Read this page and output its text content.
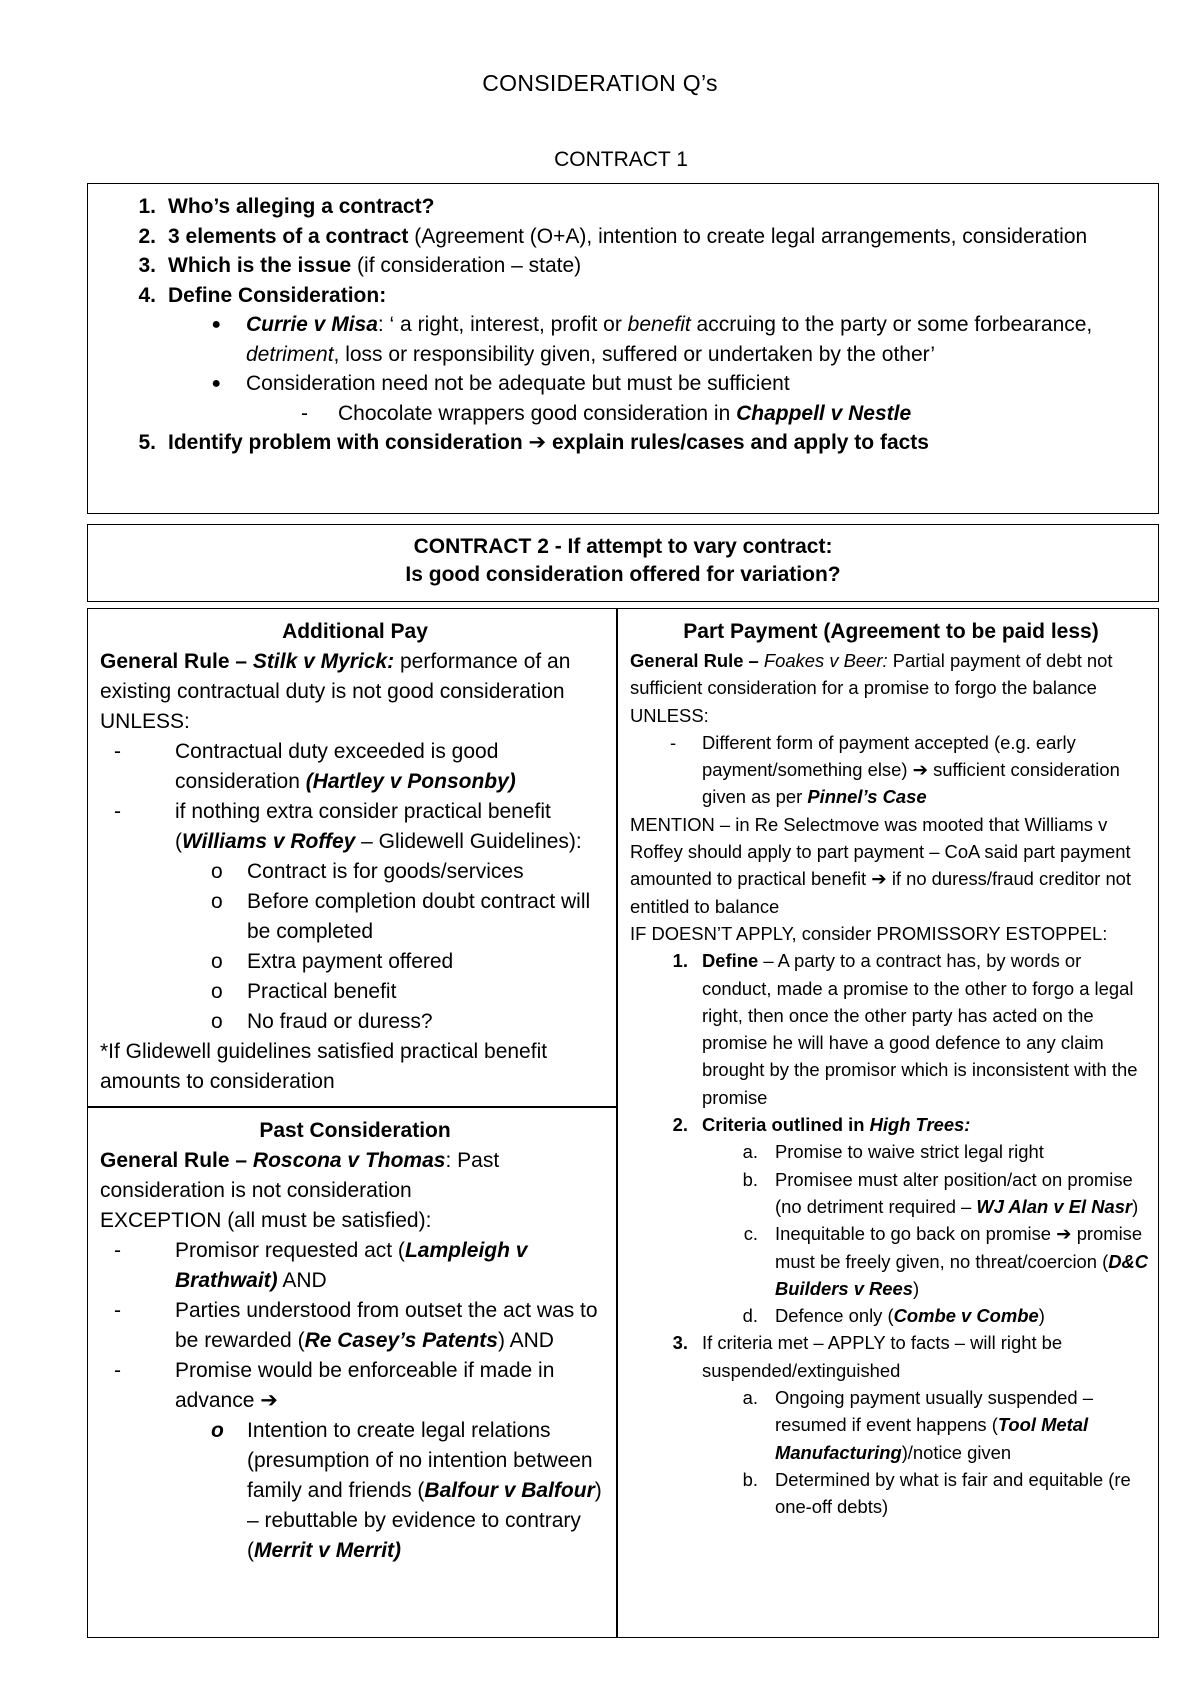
CONSIDERATION Q’s
CONTRACT 1
1. Who’s alleging a contract?
2. 3 elements of a contract (Agreement (O+A), intention to create legal arrangements, consideration
3. Which is the issue (if consideration – state)
4. Define Consideration:
●	Currie v Misa: ‘ a right, interest, profit or benefit accruing to the party or some forbearance, detriment, loss or responsibility given, suffered or undertaken by the other’
●	Consideration need not be adequate but must be sufficient
-	Chocolate wrappers good consideration in Chappell v Nestle
5. Identify problem with consideration ➔ explain rules/cases and apply to facts
CONTRACT 2 - If attempt to vary contract:
Is good consideration offered for variation?
Additional Pay
General Rule – Stilk v Myrick: performance of an existing contractual duty is not good consideration
UNLESS:
-	Contractual duty exceeded is good consideration (Hartley v Ponsonby)
-	if nothing extra consider practical benefit (Williams v Roffey – Glidewell Guidelines):
o	Contract is for goods/services
o	Before completion doubt contract will be completed
o	Extra payment offered
o	Practical benefit
o	No fraud or duress?
*If Glidewell guidelines satisfied practical benefit amounts to consideration
Past Consideration
General Rule – Roscona v Thomas: Past consideration is not consideration
EXCEPTION (all must be satisfied):
-	Promisor requested act (Lampleigh v Brathwait) AND
-	Parties understood from outset the act was to be rewarded (Re Casey’s Patents) AND
-	Promise would be enforceable if made in advance ➔
o	Intention to create legal relations (presumption of no intention between family and friends (Balfour v Balfour) – rebuttable by evidence to contrary (Merrit v Merrit)
Part Payment (Agreement to be paid less)
General Rule – Foakes v Beer: Partial payment of debt not sufficient consideration for a promise to forgo the balance
UNLESS:
-	Different form of payment accepted (e.g. early payment/something else) ➔ sufficient consideration given as per Pinnel’s Case
MENTION – in Re Selectmove was mooted that Williams v Roffey should apply to part payment – CoA said part payment amounted to practical benefit ➔ if no duress/fraud creditor not entitled to balance
IF DOESN’T APPLY, consider PROMISSORY ESTOPPEL:
1. Define – A party to a contract has, by words or conduct, made a promise to the other to forgo a legal right, then once the other party has acted on the promise he will have a good defence to any claim brought by the promisor which is inconsistent with the promise
2. Criteria outlined in High Trees:
a. Promise to waive strict legal right
b. Promisee must alter position/act on promise (no detriment required – WJ Alan v El Nasr)
c. Inequitable to go back on promise ➔ promise must be freely given, no threat/coercion (D&C Builders v Rees)
d. Defence only (Combe v Combe)
3. If criteria met – APPLY to facts – will right be suspended/extinguished
a. Ongoing payment usually suspended – resumed if event happens (Tool Metal Manufacturing)/notice given
b. Determined by what is fair and equitable (re one-off debts)
